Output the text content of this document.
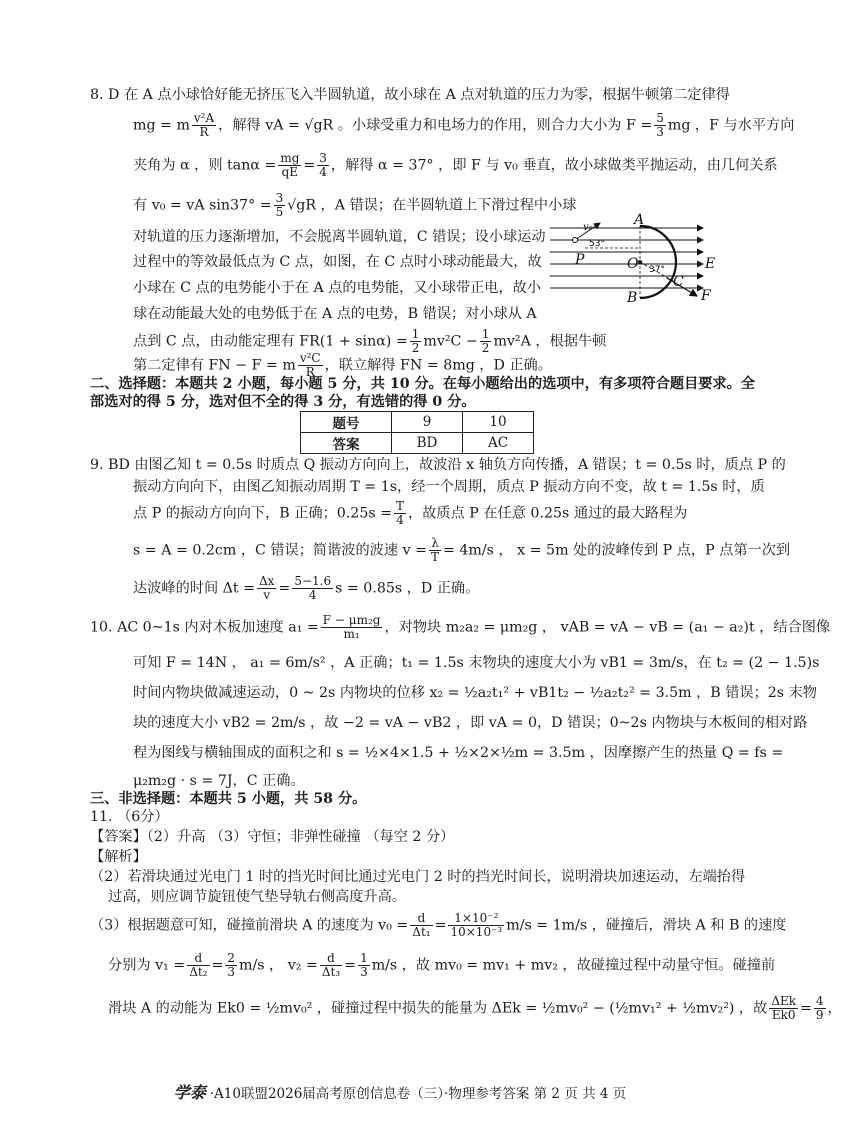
8. D 在 A 点小球恰好能无挤压飞入半圆轨道，故小球在 A 点对轨道的压力为零，根据牛顿第二定律得
mg = m $\frac{\text{v²A}}{R}$ ，解得 vA = √gR 。小球受重力和电场力的作用，则合力大小为 $F = \frac{5}{3}$ mg ，F 与水平方向
夹角为 α ，则 $\tan\alpha = \frac{mg}{qE} = \frac{3}{4}$ ，解得 α = 37° ，即 F 与 v₀ 垂直，故小球做类平抛运动，由几何关系
有 v₀ = vA $\sin 37^\circ = \frac{3}{5} √gR$ ，A 错误；在半圆轨道上下滑过程中小球
对轨道的压力逐渐增加，不会脱离半圆轨道，C 错误；设小球运动
过程中的等效最低点为 C 点，如图，在 C 点时小球动能最大，故
小球在 C 点的电势能小于在 A 点的电势能，又小球带正电，故小
球在动能最大处的电势低于在 A 点的电势，B 错误；对小球从 A
点到 C 点，由动能定理有 $FR(1 + \sin\alpha) = \frac{1}{2} mv^2C - \frac{1}{2} mv^2A$ ，根据牛顿
第二定律有 FN − F = m $\frac{\text{v²C}}{R}$ ，联立解得 FN = 8mg ，D 正确。
A
P	O	E
B
C
F
v₀
53°
37°
二、选择题：本题共 2 小题，每小题 5 分，共 10 分。在每小题给出的选项中，有多项符合题目要求。全
部选对的得 5 分，选对但不全的得 3 分，有选错的得 0 分。
题号	9	10
答案	BD	AC
9. BD 由图乙知 t = 0.5s 时质点 Q 振动方向向上，故波沿 x 轴负方向传播，A 错误；t = 0.5s 时，质点 P 的
振动方向向下，由图乙知振动周期 T = 1s，经一个周期，质点 P 振动方向不变，故 t = 1.5s 时，质
点 P 的振动方向向下，B 正确；$0.25s = \frac{T}{4}$ ，故质点 P 在任意 0.25s 通过的最大路程为
s = A = 0.2cm ，C 错误；简谐波的波速 $v = \frac{\lambda}{T} = 4m/s$ ， x = 5m 处的波峰传到 P 点，P 点第一次到
达波峰的时间 $\Delta t = \frac{\Delta x}{v} = \frac{5-1.6}{4}$ s = 0.85s ，D 正确。
10. AC 0~1s 内对木板加速度 $a_1 = \frac{\text{F − μm₂g}}{\text{m₁}}$ ，对物块 m₂a₂ = μm₂g ， vAB = vA − vB = (a₁ − a₂)t ，结合图像
可知 F = 14N ， a₁ = 6m/s² ，A 正确；t₁ = 1.5s 末物块的速度大小为 vB1 = 3m/s，在 t₂ = (2 − 1.5)s
时间内物块做减速运动，0 ~ 2s 内物块的位移 x₂ = ½a₂t₁² + vB1t₂ − ½a₂t₂² = 3.5m ，B 错误；2s 末物
块的速度大小 vB2 = 2m/s ，故 −2 = vA − vB2 ，即 vA = 0，D 错误；0~2s 内物块与木板间的相对路
程为图线与横轴围成的面积之和 s = ½×4×1.5 + ½×2×½m = 3.5m ，因摩擦产生的热量 Q = fs =
μ₂m₂g · s = 7J，C 正确。
三、非选择题：本题共 5 小题，共 58 分。
11. （6分）
【答案】（2）升高 （3）守恒；非弹性碰撞 （每空 2 分）
【解析】
（2）若滑块通过光电门 1 时的挡光时间比通过光电门 2 时的挡光时间长，说明滑块加速运动，左端抬得
过高，则应调节旋钮使气垫导轨右侧高度升高。
（3）根据题意可知，碰撞前滑块 A 的速度为 $v_0 = \frac{d}{\text{Δt₁}} = \frac{\text{1×10⁻²}}{\text{10×10⁻³}} m/s = 1m/s$ ，碰撞后，滑块 A 和 B 的速度
分别为 $v_1 = \frac{d}{\text{Δt₂}} = \frac{2}{3} m/s$ ， $v_2 = \frac{d}{\text{Δt₃}} = \frac{1}{3} m/s$ ，故 mv₀ = mv₁ + mv₂ ，故碰撞过程中动量守恒。碰撞前
滑块 A 的动能为 Ek0 = ½mv₀² ，碰撞过程中损失的能量为 ΔEk = ½mv₀² − (½mv₁² + ½mv₂²) ，故 $\frac{\text{ΔEk}}{Ek0} = \frac{4}{9}$ ，
学泰 ·A10联盟2026届高考原创信息卷（三）·物理参考答案 第 2 页 共 4 页
